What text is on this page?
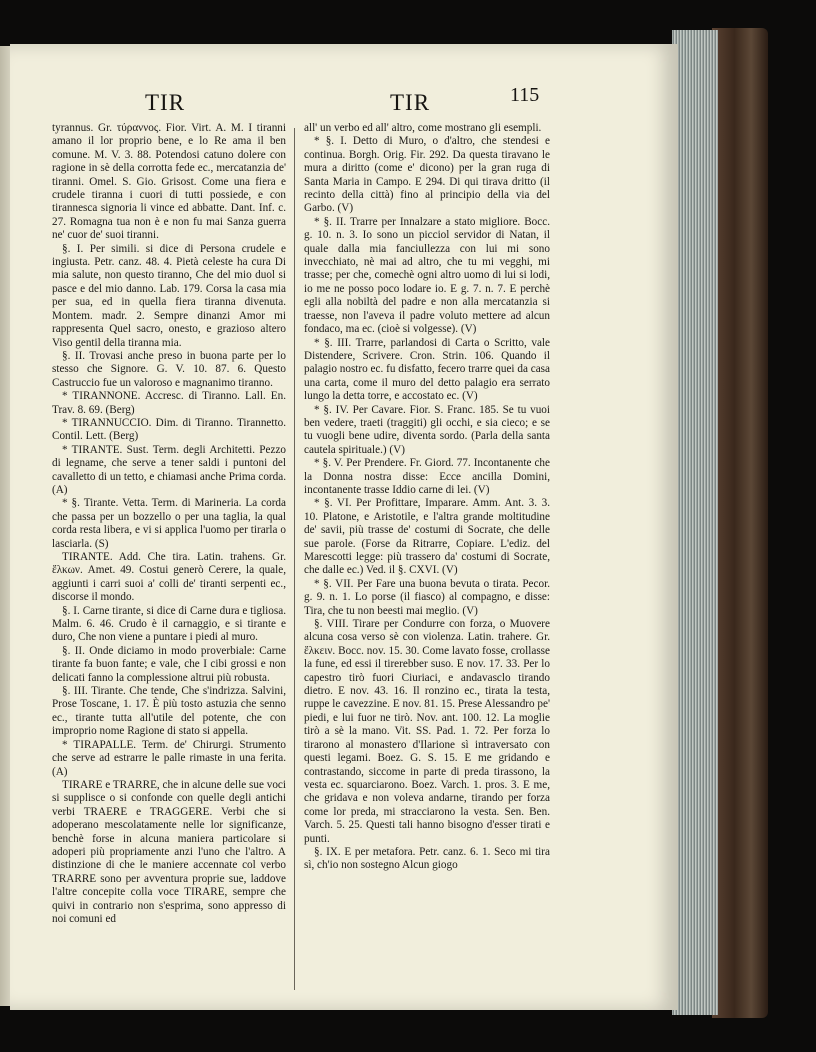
TIR	TIR	115

tyrannus. Gr. τύραννος. Fior. Virt. A. M. I tiranni amano il lor proprio bene, e lo Re ama il ben comune. M. V. 3. 88. Potendosi catuno dolere con ragione in sè della corrotta fede ec., mercatanzia de' tiranni. Omel. S. Gio. Grisost. Come una fiera e crudele tiranna i cuori di tutti possiede, e con tirannesca signoria li vince ed abbatte. Dant. Inf. c. 27. Romagna tua non è e non fu mai Sanza guerra ne' cuor de' suoi tiranni.

§. I. Per simili. si dice di Persona crudele e ingiusta. Petr. canz. 48. 4. Pietà celeste ha cura Di mia salute, non questo tiranno, Che del mio duol si pasce e del mio danno. Lab. 179. Corsa la casa mia per sua, ed in quella fiera tiranna divenuta. Montem. madr. 2. Sempre dinanzi Amor mi rappresenta Quel sacro, onesto, e grazioso altero Viso gentil della tiranna mia.

§. II. Trovasi anche preso in buona parte per lo stesso che Signore. G. V. 10. 87. 6. Questo Castruccio fue un valoroso e magnanimo tiranno.

* TIRANNONE. Accresc. di Tiranno. Lall. En. Trav. 8. 69. (Berg)

* TIRANNUCCIO. Dim. di Tiranno. Tirannetto. Contil. Lett. (Berg)

* TIRANTE. Sust. Term. degli Architetti. Pezzo di legname, che serve a tener saldi i puntoni del cavalletto di un tetto, e chiamasi anche Prima corda. (A)

* §. Tirante. Vetta. Term. di Marineria. La corda che passa per un bozzello o per una taglia, la qual corda resta libera, e vi si applica l'uomo per tirarla o lasciarla. (S)

TIRANTE. Add. Che tira. Latin. trahens. Gr. ἕλκων. Amet. 49. Costui generò Cerere, la quale, aggiunti i carri suoi a' colli de' tiranti serpenti ec., discorse il mondo.

§. I. Carne tirante, si dice di Carne dura e tigliosa. Malm. 6. 46. Crudo è il carnaggio, e si tirante e duro, Che non viene a puntare i piedi al muro.

§. II. Onde diciamo in modo proverbiale: Carne tirante fa buon fante; e vale, che I cibi grossi e non delicati fanno la complessione altrui più robusta.

§. III. Tirante. Che tende, Che s'indrizza. Salvini, Prose Toscane, 1. 17. È più tosto astuzia che senno ec., tirante tutta all'utile del potente, che con improprio nome Ragione di stato si appella.

* TIRAPALLE. Term. de' Chirurgi. Strumento che serve ad estrarre le palle rimaste in una ferita. (A)

TIRARE e TRARRE, che in alcune delle sue voci si supplisce o si confonde con quelle degli antichi verbi TRAERE e TRAGGERE. Verbi che si adoperano mescolatamente nelle lor significanze, benchè forse in alcuna maniera particolare si adoperi più propriamente anzi l'uno che l'altro. A distinzione di che le maniere accennate col verbo TRARRE sono per avventura proprie sue, laddove l'altre concepite colla voce TIRARE, sempre che quivi in contrario non s'esprima, sono appresso di noi comuni ed

all' un verbo ed all' altro, come mostrano gli esempli.

* §. I. Detto di Muro, o d'altro, che stendesi e continua. Borgh. Orig. Fir. 292. Da questa tiravano le mura a diritto (come e' dicono) per la gran ruga di Santa Maria in Campo. E 294. Di qui tirava dritto (il recinto della città) fino al principio della via del Garbo. (V)

* §. II. Trarre per Innalzare a stato migliore. Bocc. g. 10. n. 3. Io sono un picciol servidor di Natan, il quale dalla mia fanciullezza con lui mi sono invecchiato, nè mai ad altro, che tu mi vegghi, mi trasse; per che, comechè ogni altro uomo di lui si lodi, io me ne posso poco lodare io. E g. 7. n. 7. E perchè egli alla nobiltà del padre e non alla mercatanzia si traesse, non l'aveva il padre voluto mettere ad alcun fondaco, ma ec. (cioè si volgesse). (V)

* §. III. Trarre, parlandosi di Carta o Scritto, vale Distendere, Scrivere. Cron. Strin. 106. Quando il palagio nostro ec. fu disfatto, fecero trarre quei da casa una carta, come il muro del detto palagio era serrato lungo la detta torre, e accostato ec. (V)

* §. IV. Per Cavare. Fior. S. Franc. 185. Se tu vuoi ben vedere, traeti (traggiti) gli occhi, e sia cieco; e se tu vuogli bene udire, diventa sordo. (Parla della santa cautela spirituale.) (V)

* §. V. Per Prendere. Fr. Giord. 77. Incontanente che la Donna nostra disse: Ecce ancilla Domini, incontanente trasse Iddio carne di lei. (V)

* §. VI. Per Profittare, Imparare. Amm. Ant. 3. 3. 10. Platone, e Aristotile, e l'altra grande moltitudine de' savii, più trasse de' costumi di Socrate, che delle sue parole. (Forse da Ritrarre, Copiare. L'ediz. del Marescotti legge: più trassero da' costumi di Socrate, che dalle ec.) Ved. il §. CXVI. (V)

* §. VII. Per Fare una buona bevuta o tirata. Pecor. g. 9. n. 1. Lo porse (il fiasco) al compagno, e disse: Tira, che tu non beesti mai meglio. (V)

§. VIII. Tirare per Condurre con forza, o Muovere alcuna cosa verso sè con violenza. Latin. trahere. Gr. ἕλκειν. Bocc. nov. 15. 30. Come lavato fosse, crollasse la fune, ed essi il tirerebber suso. E nov. 17. 33. Per lo capestro tirò fuori Ciuriaci, e andavasclo tirando dietro. E nov. 43. 16. Il ronzino ec., tirata la testa, ruppe le cavezzine. E nov. 81. 15. Prese Alessandro pe' piedi, e lui fuor ne tirò. Nov. ant. 100. 12. La moglie tirò a sè la mano. Vit. SS. Pad. 1. 72. Per forza lo tirarono al monastero d'Ilarione sì intraversato con questi legami. Boez. G. S. 15. E me gridando e contrastando, siccome in parte di preda tirassono, la vesta ec. squarciarono. Boez. Varch. 1. pros. 3. E me, che gridava e non voleva andarne, tirando per forza come lor preda, mi stracciarono la vesta. Sen. Ben. Varch. 5. 25. Questi tali hanno bisogno d'esser tirati e punti.

§. IX. E per metafora. Petr. canz. 6. 1. Seco mi tira sì, ch'io non sostegno Alcun giogo
